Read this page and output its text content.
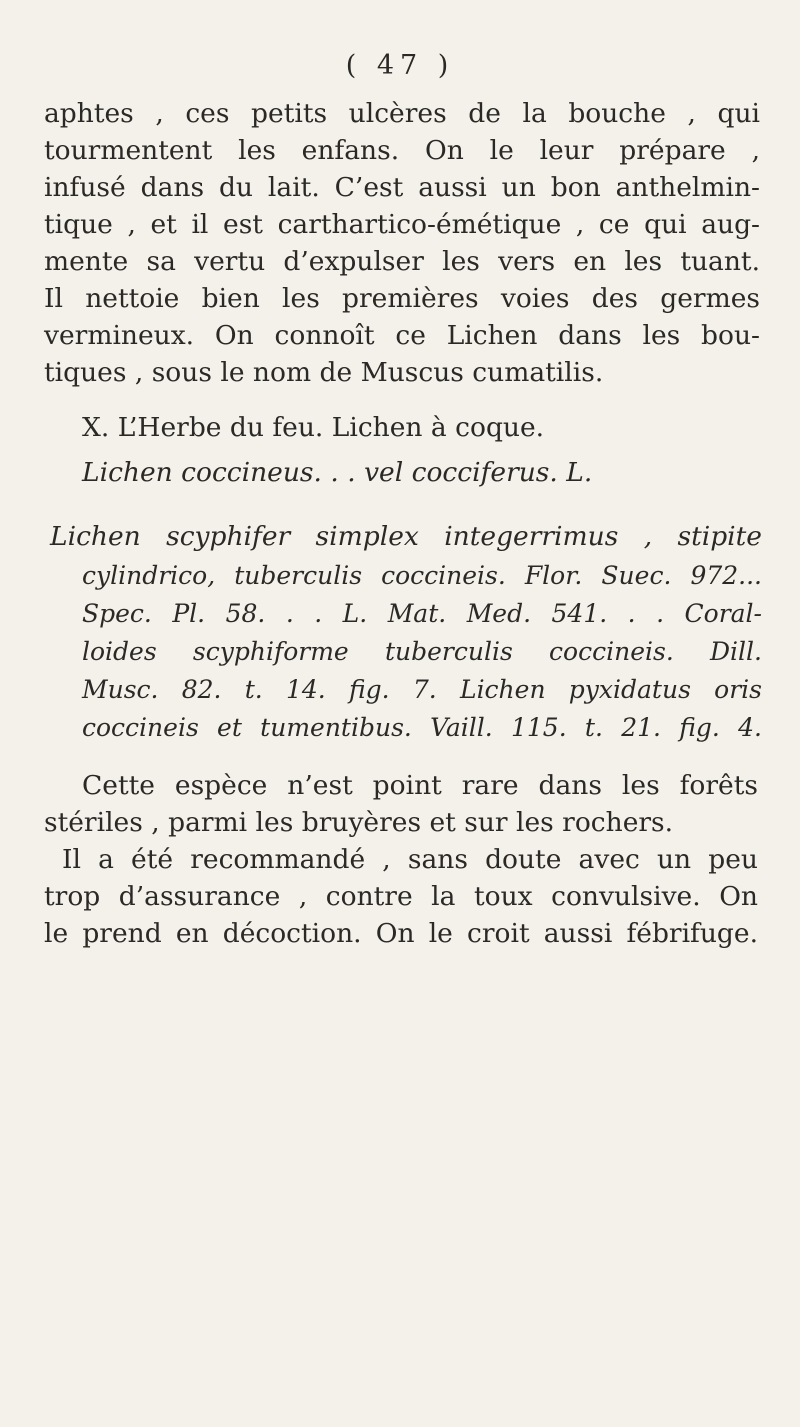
( 47 )
aphtes , ces petits ulcères de la bouche , qui
tourmentent les enfans. On le leur prépare ,
infusé dans du lait. C’est aussi un bon anthelmin-
tique , et il est carthartico-émétique , ce qui aug-
mente sa vertu d’expulser les vers en les tuant.
Il nettoie bien les premières voies des germes
vermineux. On connoît ce Lichen dans les bou-
tiques , sous le nom de Muscus cumatilis.
X. L’Herbe du feu. Lichen à coque.
Lichen coccineus. . . vel cocciferus. L.
Lichen scyphifer simplex integerrimus , stipite
cylindrico, tuberculis coccineis. Flor. Suec. 972...
Spec. Pl. 58. . . L. Mat. Med. 541. . . Coral-
loides scyphiforme tuberculis coccineis. Dill.
Musc. 82. t. 14. fig. 7. Lichen pyxidatus oris
coccineis et tumentibus. Vaill. 115. t. 21. fig. 4.
Cette espèce n’est point rare dans les forêts
stériles , parmi les bruyères et sur les rochers.
Il a été recommandé , sans doute avec un peu
trop d’assurance , contre la toux convulsive. On
le prend en décoction. On le croit aussi fébrifuge.
